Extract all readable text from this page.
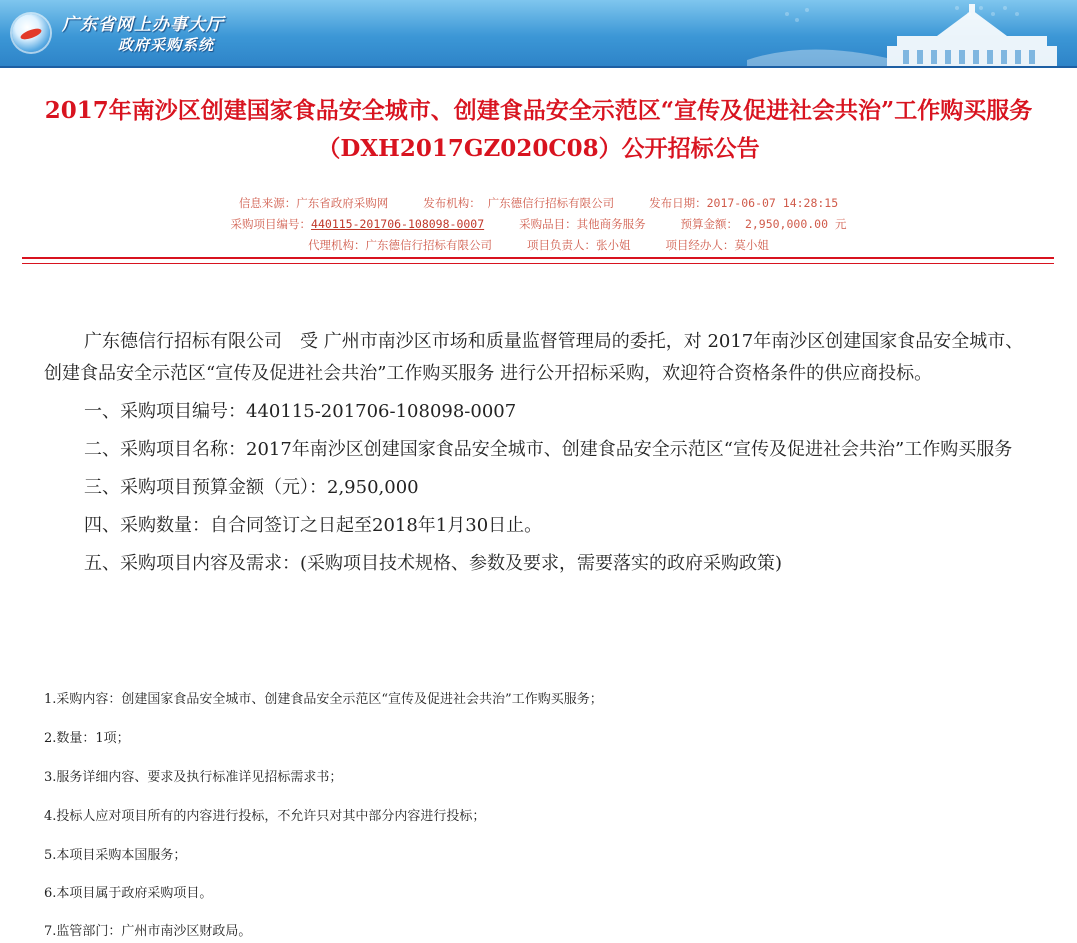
广东省网上办事大厅
政府采购系统
2017年南沙区创建国家食品安全城市、创建食品安全示范区“宣传及促进社会共治”工作购买服务（DXH2017GZ020C08）公开招标公告
信息来源：广东省政府采购网	发布机构： 广东德信行招标有限公司	发布日期：2017-06-07 14:28:15
采购项目编号：440115-201706-108098-0007	采购品目：其他商务服务	预算金额： 2,950,000.00 元
代理机构：广东德信行招标有限公司	项目负责人：张小姐	项目经办人：莫小姐

广东德信行招标有限公司　受 广州市南沙区市场和质量监督管理局的委托，对 2017年南沙区创建国家食品安全城市、创建食品安全示范区“宣传及促进社会共治”工作购买服务 进行公开招标采购，欢迎符合资格条件的供应商投标。

一、采购项目编号：440115-201706-108098-0007

二、采购项目名称：2017年南沙区创建国家食品安全城市、创建食品安全示范区“宣传及促进社会共治”工作购买服务

三、采购项目预算金额（元）：2,950,000

四、采购数量：自合同签订之日起至2018年1月30日止。

五、采购项目内容及需求：(采购项目技术规格、参数及要求，需要落实的政府采购政策)

1.采购内容：创建国家食品安全城市、创建食品安全示范区“宣传及促进社会共治”工作购买服务；
2.数量：1项；
3.服务详细内容、要求及执行标准详见招标需求书；
4.投标人应对项目所有的内容进行投标，不允许只对其中部分内容进行投标；
5.本项目采购本国服务；
6.本项目属于政府采购项目。
7.监管部门：广州市南沙区财政局。
